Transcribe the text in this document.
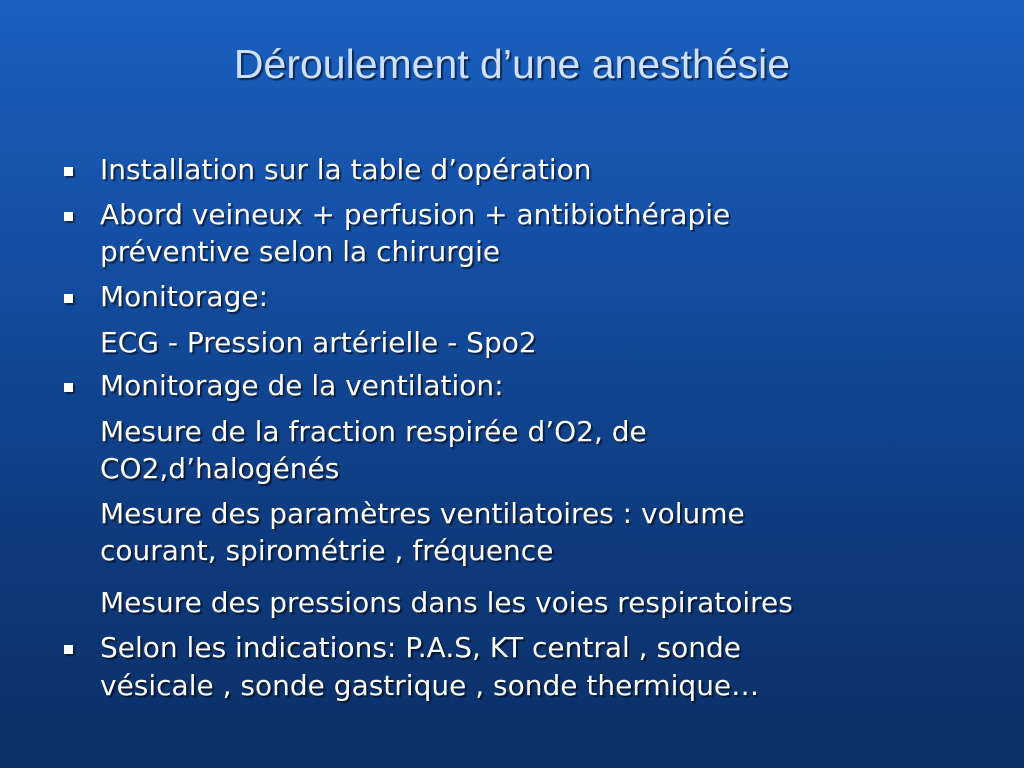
Déroulement d’une anesthésie
Installation sur la table d’opération
Abord veineux + perfusion + antibiothérapie
préventive selon la chirurgie
Monitorage:
ECG - Pression artérielle - Spo2
Monitorage de la ventilation:
Mesure de la fraction respirée d’O2, de
CO2,d’halogénés
Mesure des paramètres ventilatoires : volume
courant, spirométrie , fréquence
Mesure des pressions dans les voies respiratoires
Selon les indications: P.A.S, KT central , sonde
vésicale , sonde gastrique , sonde thermique…
